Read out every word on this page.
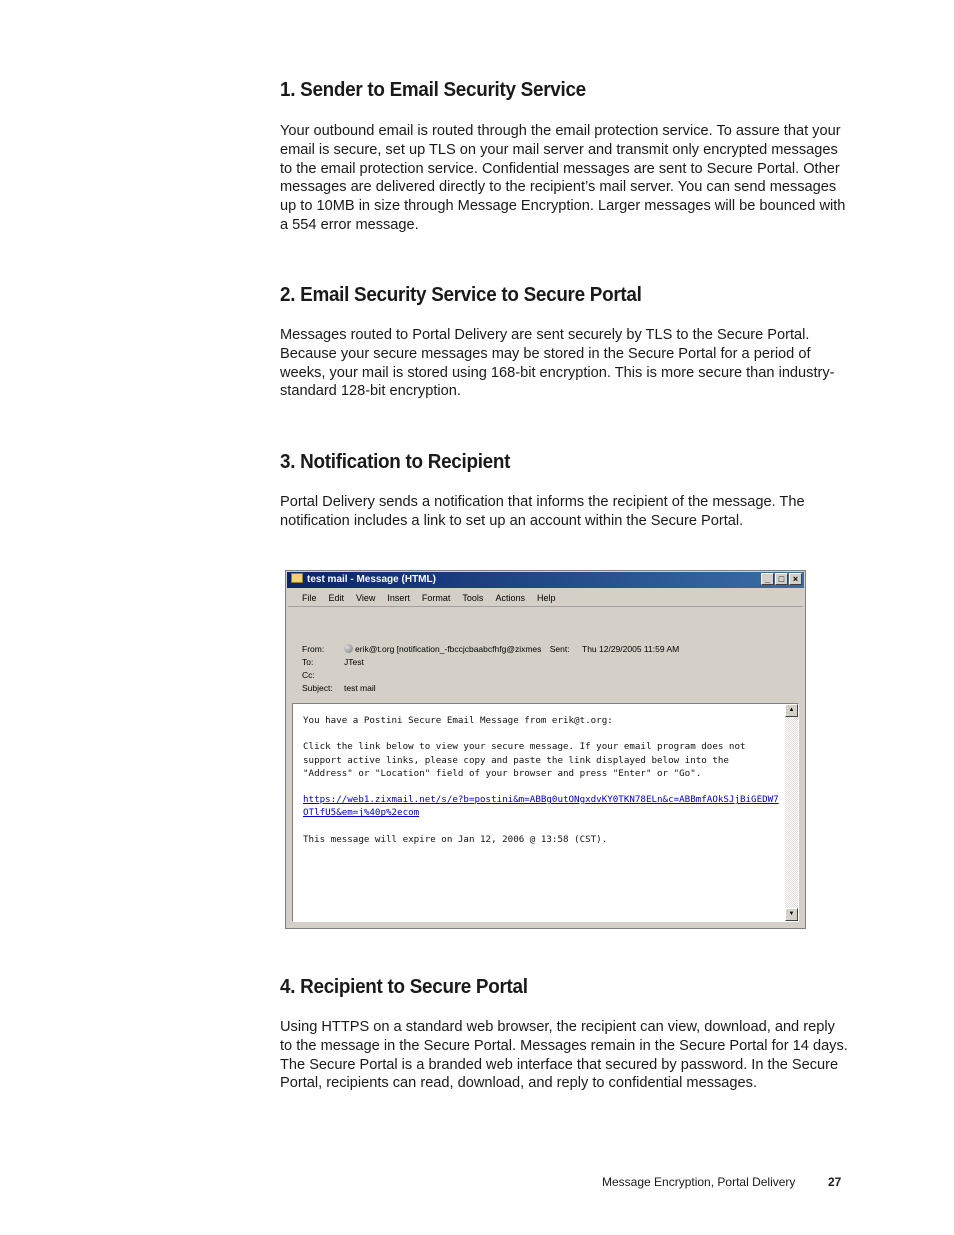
1. Sender to Email Security Service

Your outbound email is routed through the email protection service. To assure that your email is secure, set up TLS on your mail server and transmit only encrypted messages to the email protection service. Confidential messages are sent to Secure Portal. Other messages are delivered directly to the recipient’s mail server. You can send messages up to 10MB in size through Message Encryption. Larger messages will be bounced with a 554 error message.

2. Email Security Service to Secure Portal

Messages routed to Portal Delivery are sent securely by TLS to the Secure Portal. Because your secure messages may be stored in the Secure Portal for a period of weeks, your mail is stored using 168-bit encryption. This is more secure than industry-standard 128-bit encryption.

3. Notification to Recipient

Portal Delivery sends a notification that informs the recipient of the message. The notification includes a link to set up an account within the Secure Portal.

test mail - Message (HTML)	_ □ ×
File	Edit	View	Insert	Format	Tools	Actions	Help
From:	erik@t.org [notification_-fbccjcbaabcfhfg@zixmes Sent: Thu 12/29/2005 11:59 AM
To:	JTest
Cc:
Subject: test mail
You have a Postini Secure Email Message from erik@t.org:

Click the link below to view your secure message. If your email program does not support active links, please copy and paste the link displayed below into the "Address" or "Location" field of your browser and press "Enter" or "Go".

https://web1.zixmail.net/s/e?b=postini&m=ABBg0utONgxdvKY0TKN78ELn&c=ABBmfAOkSJjBiGEDW7OTlfU5&em=j%40p%2ecom

This message will expire on Jan 12, 2006 @ 13:58 (CST).
▲
▼
4. Recipient to Secure Portal

Using HTTPS on a standard web browser, the recipient can view, download, and reply to the message in the Secure Portal. Messages remain in the Secure Portal for 14 days. The Secure Portal is a branded web interface that secured by password. In the Secure Portal, recipients can read, download, and reply to confidential messages.

Message Encryption, Portal Delivery	27
